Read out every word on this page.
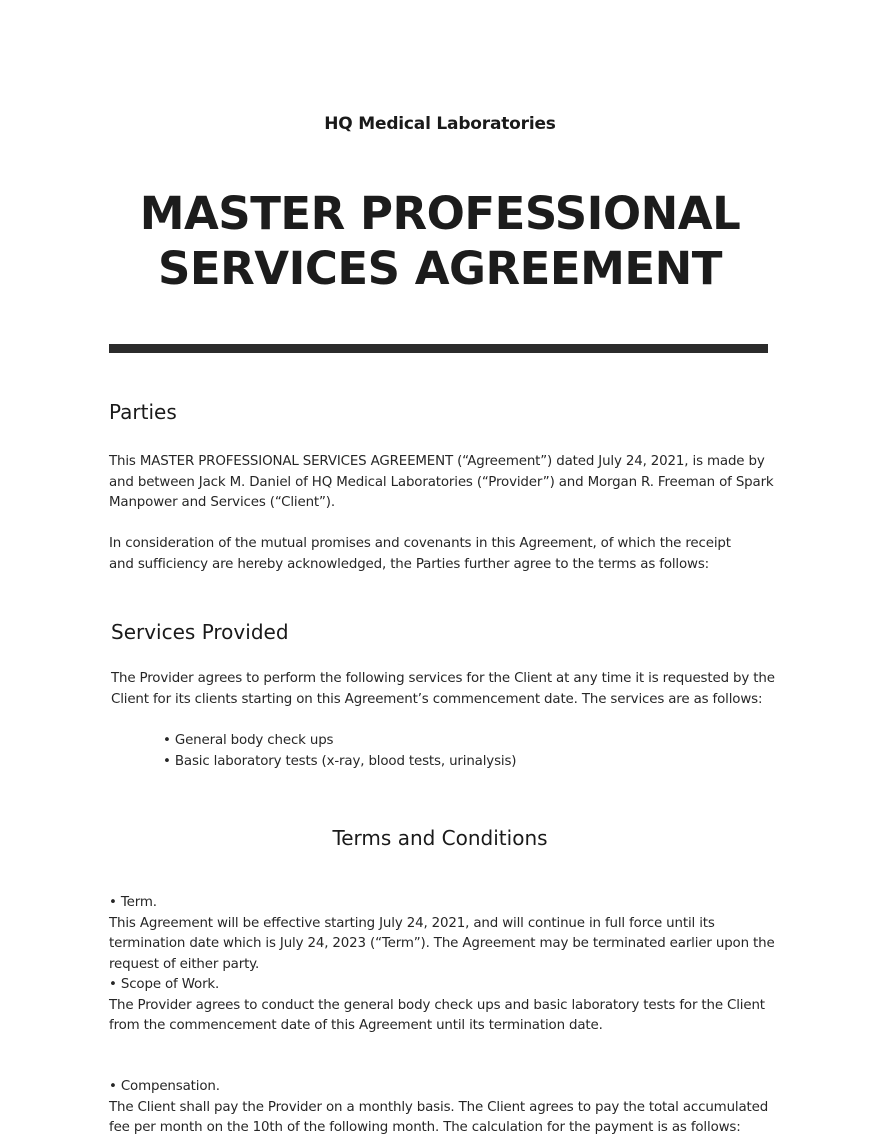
HQ Medical Laboratories
MASTER PROFESSIONAL
SERVICES AGREEMENT
Parties

This MASTER PROFESSIONAL SERVICES AGREEMENT (“Agreement”) dated July 24, 2021, is made by and between Jack M. Daniel of HQ Medical Laboratories (“Provider”) and Morgan R. Freeman of Spark Manpower and Services (“Client”).

In consideration of the mutual promises and covenants in this Agreement, of which the receipt and sufficiency are hereby acknowledged, the Parties further agree to the terms as follows:

Services Provided

The Provider agrees to perform the following services for the Client at any time it is requested by the Client for its clients starting on this Agreement’s commencement date. The services are as follows:

• General body check ups
• Basic laboratory tests (x-ray, blood tests, urinalysis)
Terms and Conditions
• Term.
This Agreement will be effective starting July 24, 2021, and will continue in full force until its termination date which is July 24, 2023 (“Term”). The Agreement may be terminated earlier upon the request of either party.
• Scope of Work.
The Provider agrees to conduct the general body check ups and basic laboratory tests for the Client from the commencement date of this Agreement until its termination date.
• Compensation.
The Client shall pay the Provider on a monthly basis. The Client agrees to pay the total accumulated fee per month on the 10th of the following month. The calculation for the payment is as follows:
